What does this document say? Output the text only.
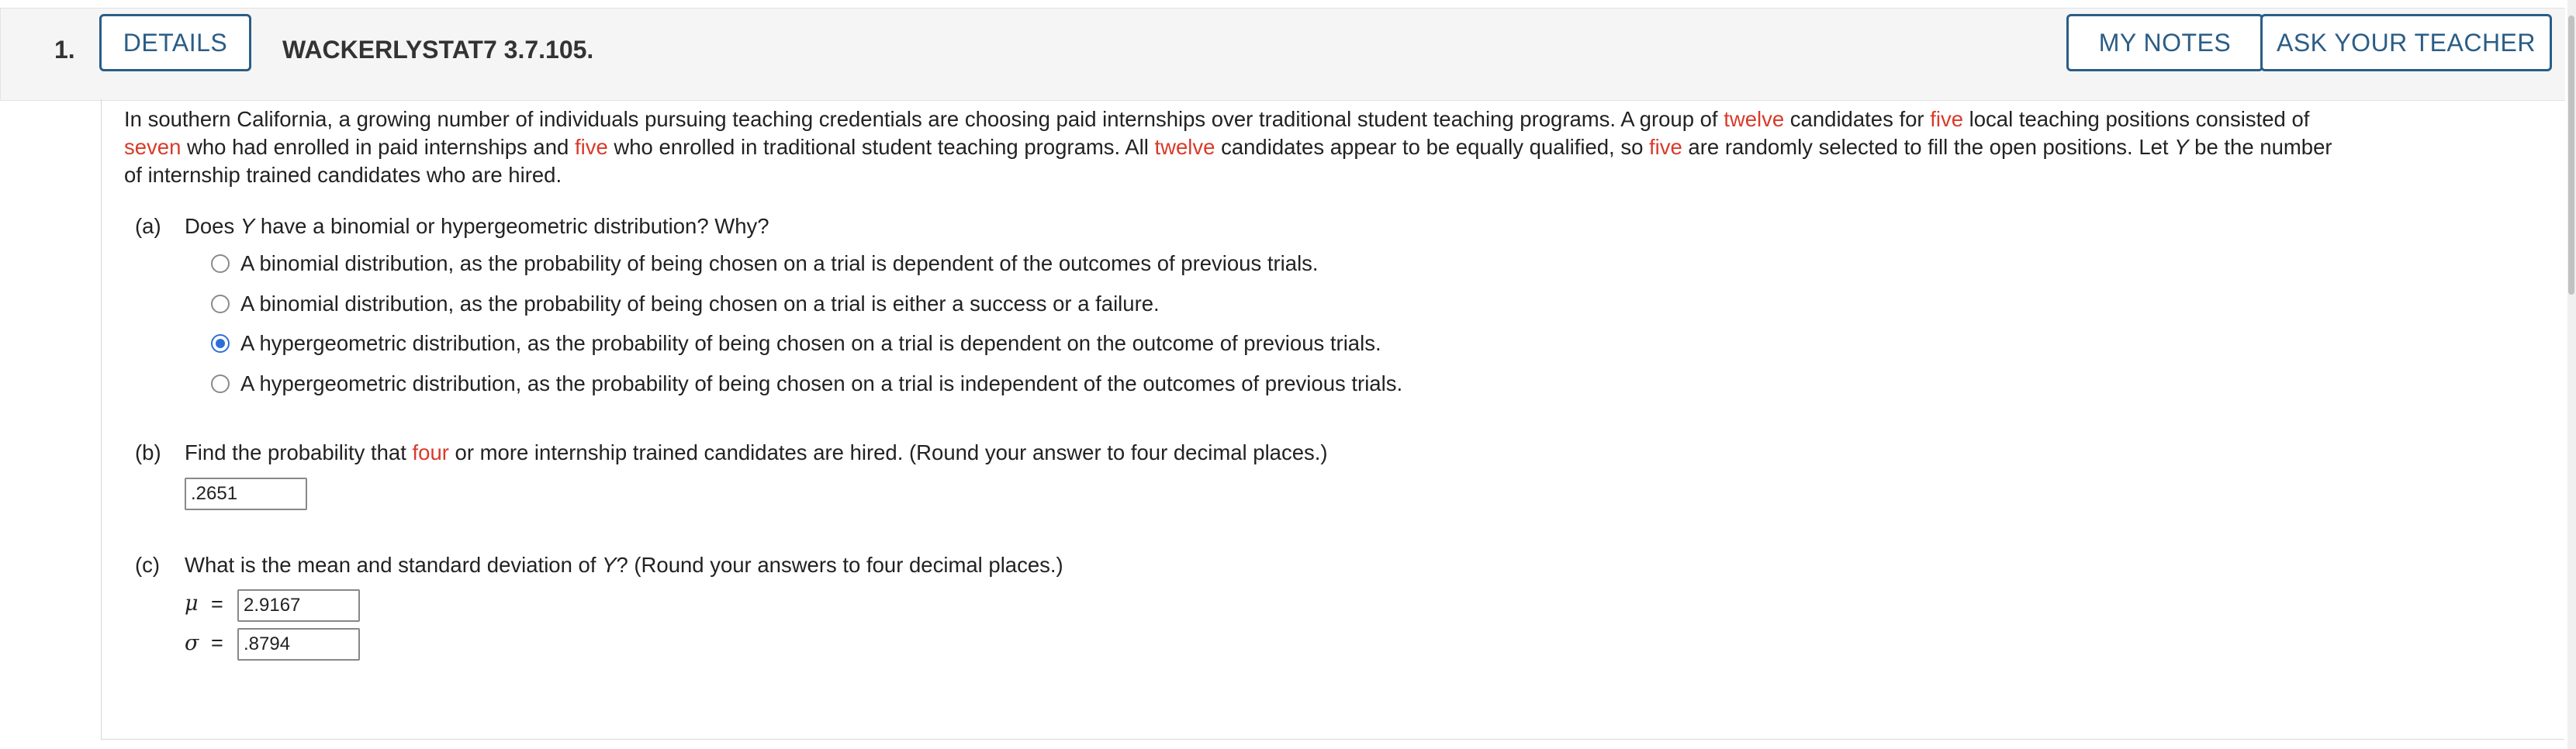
1.	DETAILS	WACKERLYSTAT7 3.7.105.	MY NOTES	ASK YOUR TEACHER
In southern California, a growing number of individuals pursuing teaching credentials are choosing paid internships over traditional student teaching programs. A group of twelve candidates for five local teaching positions consisted of
seven who had enrolled in paid internships and five who enrolled in traditional student teaching programs. All twelve candidates appear to be equally qualified, so five are randomly selected to fill the open positions. Let Y be the number
of internship trained candidates who are hired.
(a) Does Y have a binomial or hypergeometric distribution? Why?
A binomial distribution, as the probability of being chosen on a trial is dependent of the outcomes of previous trials.
A binomial distribution, as the probability of being chosen on a trial is either a success or a failure.
A hypergeometric distribution, as the probability of being chosen on a trial is dependent on the outcome of previous trials.
A hypergeometric distribution, as the probability of being chosen on a trial is independent of the outcomes of previous trials.
(b) Find the probability that four or more internship trained candidates are hired. (Round your answer to four decimal places.)
.2651
(c) What is the mean and standard deviation of Y? (Round your answers to four decimal places.)
μ =	2.9167
σ =	.8794
